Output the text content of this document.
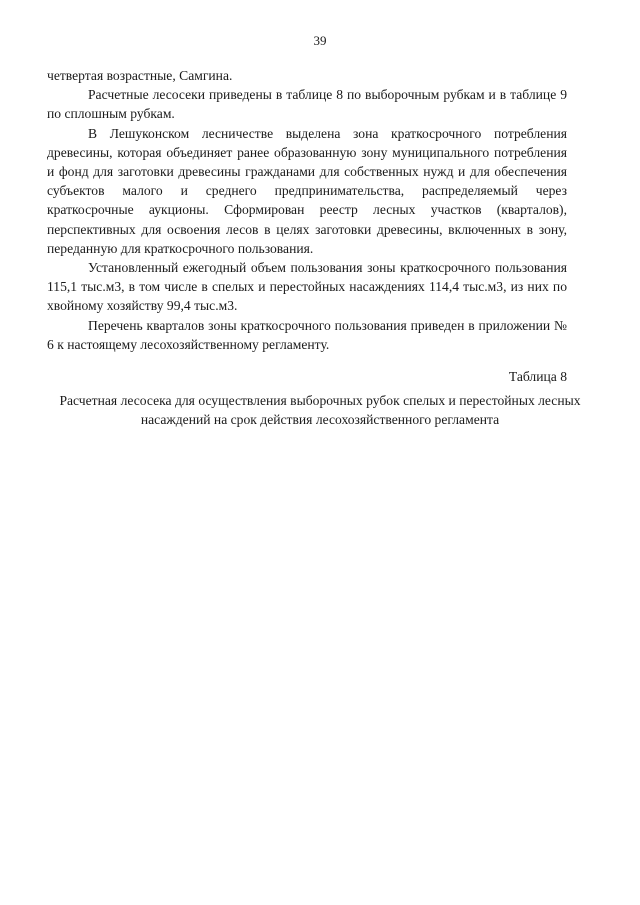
39

четвертая возрастные, Самгина.

Расчетные лесосеки приведены в таблице 8 по выборочным рубкам и в таблице 9 по сплошным рубкам.

В Лешуконском лесничестве выделена зона краткосрочного потребления древесины, которая объединяет ранее образованную зону муниципального потребления и фонд для заготовки древесины гражданами для собственных нужд и для обеспечения субъектов малого и среднего предпринимательства, распределяемый через краткосрочные аукционы. Сформирован реестр лесных участков (кварталов), перспективных для освоения лесов в целях заготовки древесины, включенных в зону, переданную для краткосрочного пользования.

Установленный ежегодный объем пользования зоны краткосрочного пользования 115,1 тыс.м3, в том числе в спелых и перестойных насаждениях 114,4 тыс.м3, из них по хвойному хозяйству 99,4 тыс.м3.

Перечень кварталов зоны краткосрочного пользования приведен в приложении № 6 к настоящему лесохозяйственному регламенту.

Таблица 8
Расчетная лесосека для осуществления выборочных рубок спелых и перестойных лесных насаждений на срок действия лесохозяйственного регламента
